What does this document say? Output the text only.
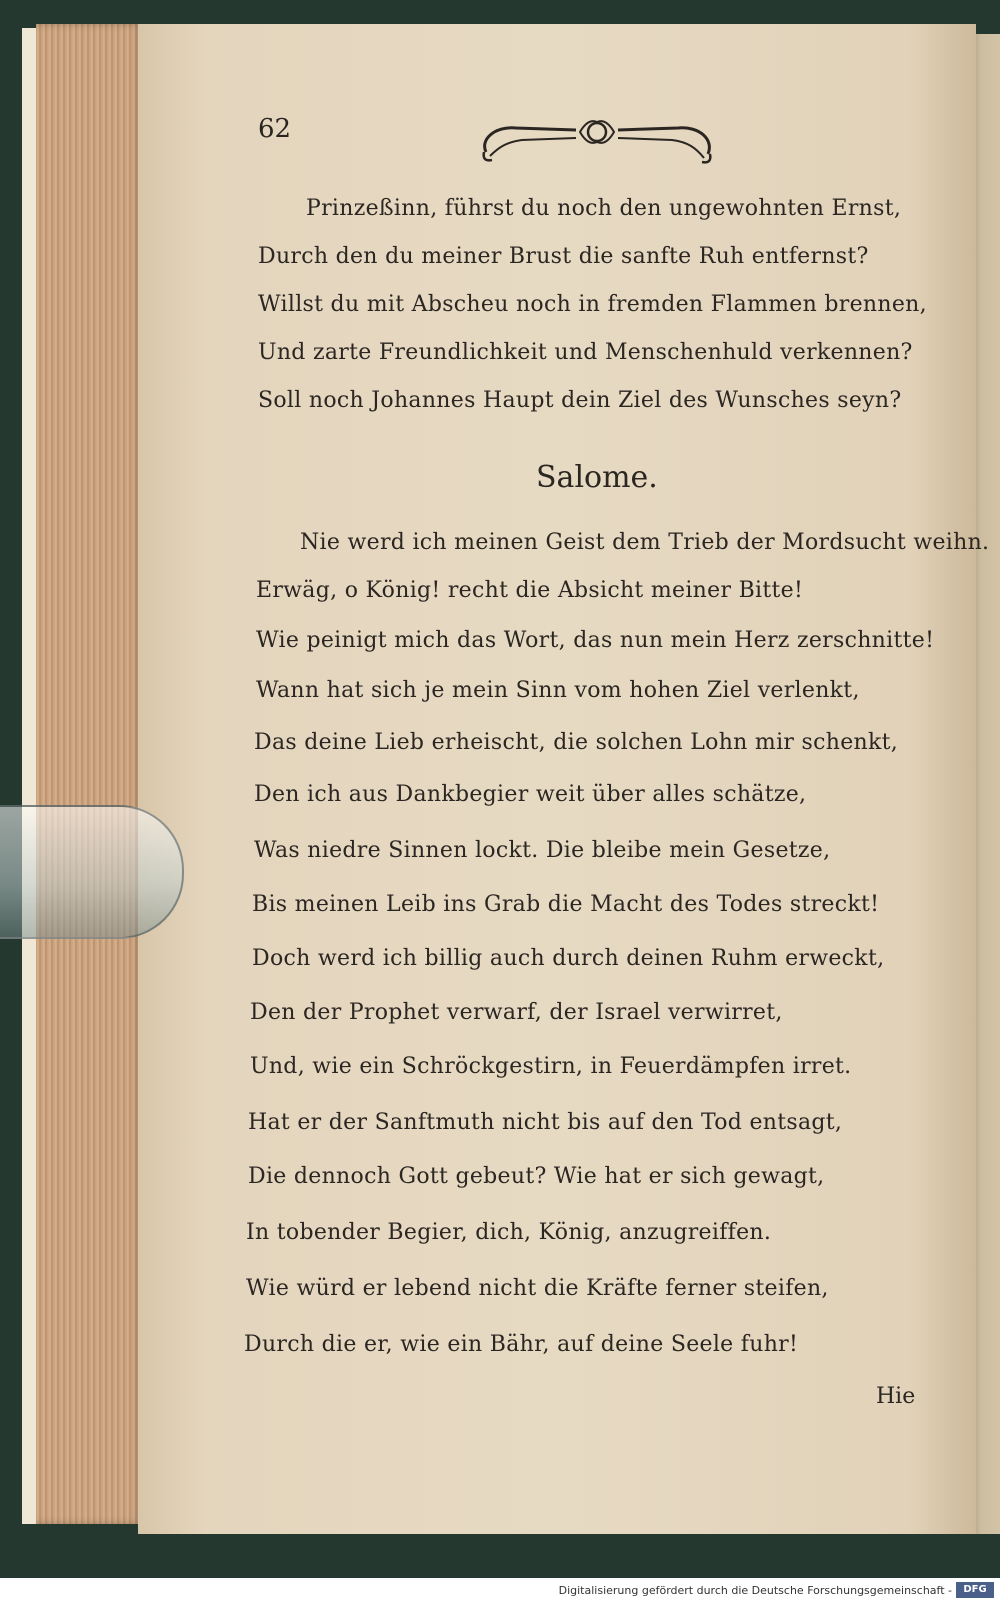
62
Prinzeßinn, führst du noch den ungewohnten Ernst,
Durch den du meiner Brust die sanfte Ruh entfernst?
Willst du mit Abscheu noch in fremden Flammen brennen,
Und zarte Freundlichkeit und Menschenhuld verkennen?
Soll noch Johannes Haupt dein Ziel des Wunsches seyn?
Salome.
Nie werd ich meinen Geist dem Trieb der Mordsucht weihn.
Erwäg, o König! recht die Absicht meiner Bitte!
Wie peinigt mich das Wort, das nun mein Herz zerschnitte!
Wann hat sich je mein Sinn vom hohen Ziel verlenkt,
Das deine Lieb erheischt, die solchen Lohn mir schenkt,
Den ich aus Dankbegier weit über alles schätze,
Was niedre Sinnen lockt. Die bleibe mein Gesetze,
Bis meinen Leib ins Grab die Macht des Todes streckt!
Doch werd ich billig auch durch deinen Ruhm erweckt,
Den der Prophet verwarf, der Israel verwirret,
Und, wie ein Schröckgestirn, in Feuerdämpfen irret.
Hat er der Sanftmuth nicht bis auf den Tod entsagt,
Die dennoch Gott gebeut? Wie hat er sich gewagt,
In tobender Begier, dich, König, anzugreiffen.
Wie würd er lebend nicht die Kräfte ferner steifen,
Durch die er, wie ein Bähr, auf deine Seele fuhr!
Hie
Digitalisierung gefördert durch die Deutsche Forschungsgemeinschaft -	DFG
